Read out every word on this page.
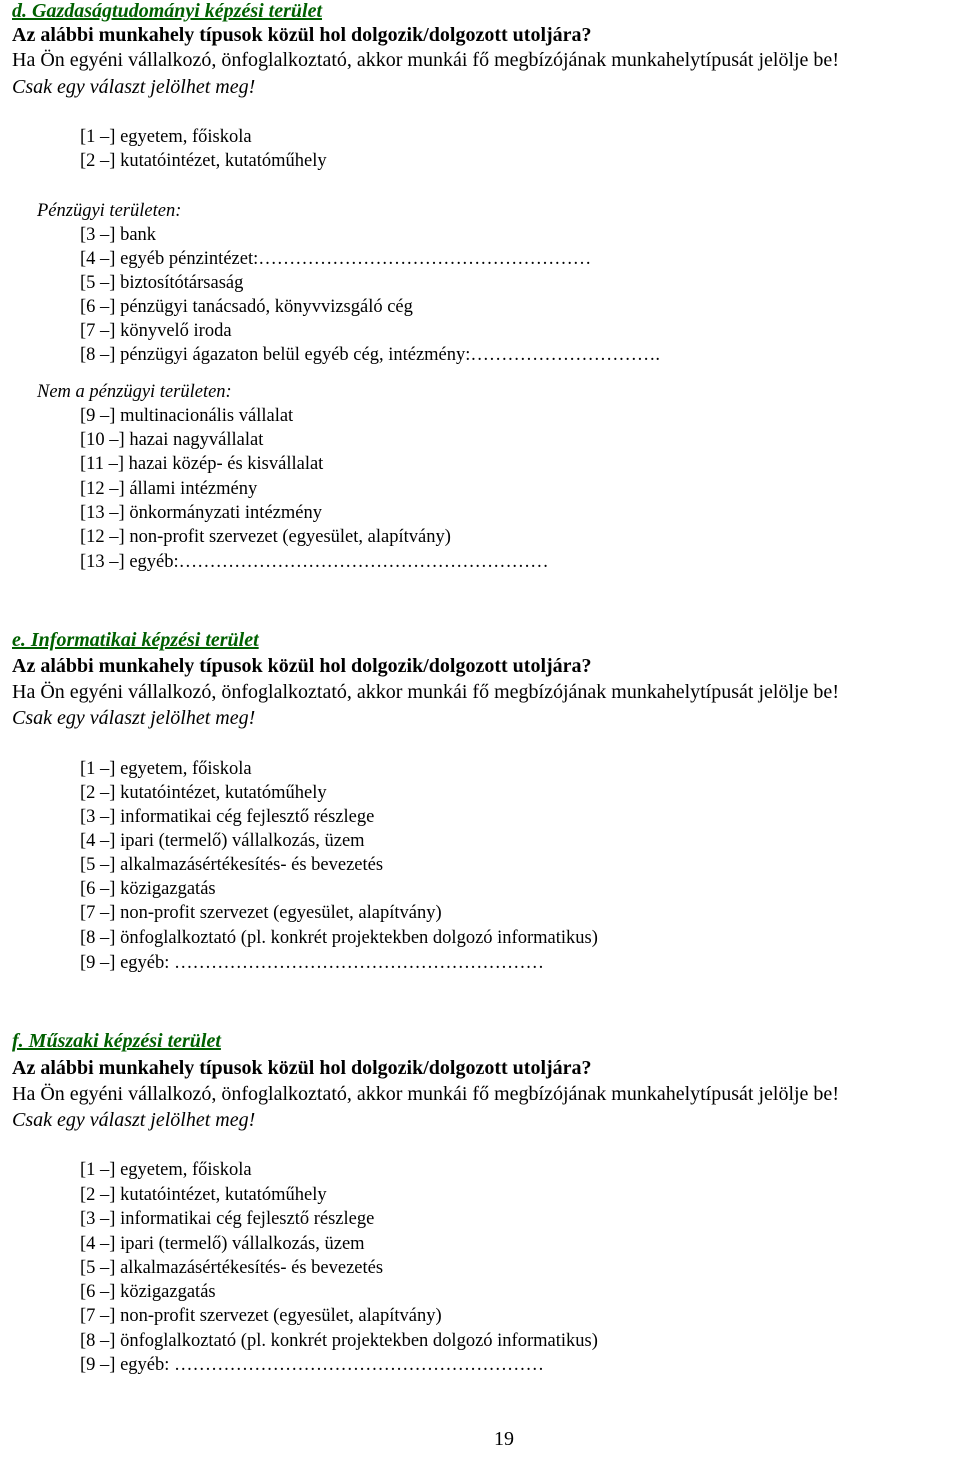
d. Gazdaságtudományi képzési terület
Az alábbi munkahely típusok közül hol dolgozik/dolgozott utoljára?
Ha Ön egyéni vállalkozó, önfoglalkoztató, akkor munkái fő megbízójának munkahelytípusát jelölje be!
Csak egy választ jelölhet meg!
[1 –] egyetem, főiskola
[2 –] kutatóintézet, kutatóműhely
Pénzügyi területen:
[3 –] bank
[4 –] egyéb pénzintézet:………………………………………………
[5 –] biztosítótársaság
[6 –] pénzügyi tanácsadó, könyvvizsgáló cég
[7 –] könyvelő iroda
[8 –] pénzügyi ágazaton belül egyéb cég, intézmény:………………………….
Nem a pénzügyi területen:
[9 –] multinacionális vállalat
[10 –] hazai nagyvállalat
[11 –] hazai közép- és kisvállalat
[12 –] állami intézmény
[13 –] önkormányzati intézmény
[12 –] non-profit szervezet (egyesület, alapítvány)
[13 –] egyéb:……………………………………………………
e. Informatikai képzési terület
Az alábbi munkahely típusok közül hol dolgozik/dolgozott utoljára?
Ha Ön egyéni vállalkozó, önfoglalkoztató, akkor munkái fő megbízójának munkahelytípusát jelölje be!
Csak egy választ jelölhet meg!
[1 –] egyetem, főiskola
[2 –] kutatóintézet, kutatóműhely
[3 –] informatikai cég fejlesztő részlege
[4 –] ipari (termelő) vállalkozás, üzem
[5 –] alkalmazásértékesítés- és bevezetés
[6 –] közigazgatás
[7 –] non-profit szervezet (egyesület, alapítvány)
[8 –] önfoglalkoztató (pl. konkrét projektekben dolgozó informatikus)
[9 –] egyéb: ……………………………………………………
f. Műszaki képzési terület
Az alábbi munkahely típusok közül hol dolgozik/dolgozott utoljára?
Ha Ön egyéni vállalkozó, önfoglalkoztató, akkor munkái fő megbízójának munkahelytípusát jelölje be!
Csak egy választ jelölhet meg!
[1 –] egyetem, főiskola
[2 –] kutatóintézet, kutatóműhely
[3 –] informatikai cég fejlesztő részlege
[4 –] ipari (termelő) vállalkozás, üzem
[5 –] alkalmazásértékesítés- és bevezetés
[6 –] közigazgatás
[7 –] non-profit szervezet (egyesület, alapítvány)
[8 –] önfoglalkoztató (pl. konkrét projektekben dolgozó informatikus)
[9 –] egyéb: ……………………………………………………
19
